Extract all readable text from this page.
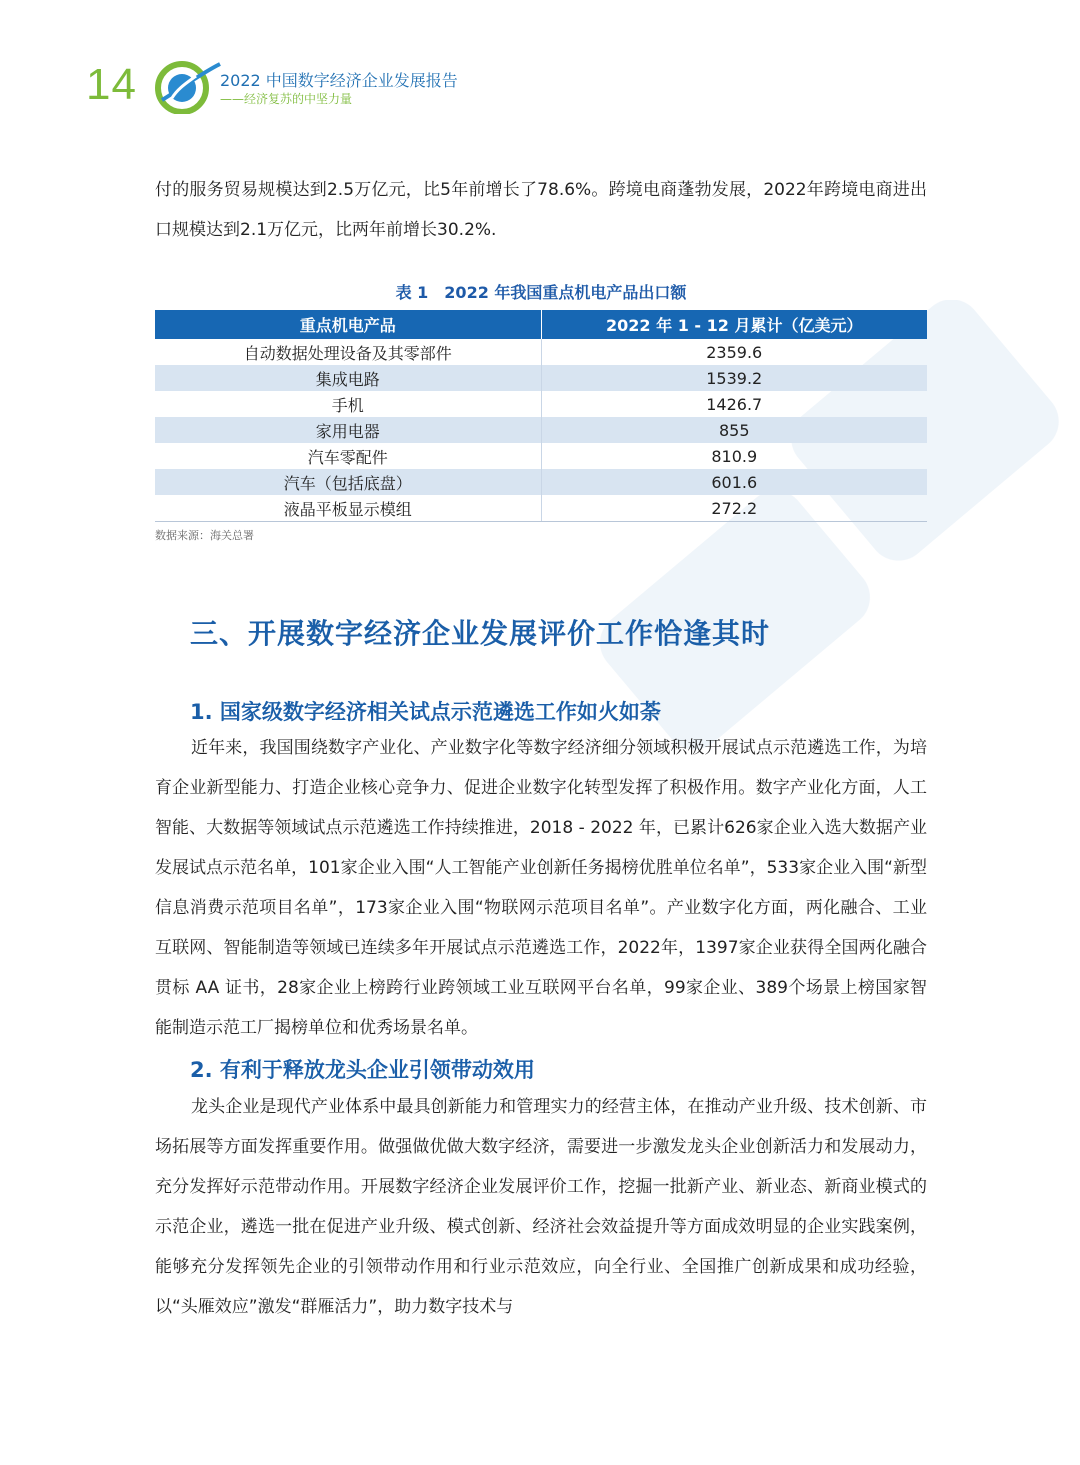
14	2022 中国数字经济企业发展报告
——经济复苏的中坚力量
付的服务贸易规模达到2.5万亿元，比5年前增长了78.6%。跨境电商蓬勃发展，2022年跨境电商进出口规模达到2.1万亿元，比两年前增长30.2%.
表 1　2022 年我国重点机电产品出口额
重点机电产品	2022 年 1 - 12 月累计（亿美元）
自动数据处理设备及其零部件	2359.6
集成电路	1539.2
手机	1426.7
家用电器	855
汽车零配件	810.9
汽车（包括底盘）	601.6
液晶平板显示模组	272.2
数据来源：海关总署
三、开展数字经济企业发展评价工作恰逢其时
1. 国家级数字经济相关试点示范遴选工作如火如荼
近年来，我国围绕数字产业化、产业数字化等数字经济细分领域积极开展试点示范遴选工作，为培育企业新型能力、打造企业核心竞争力、促进企业数字化转型发挥了积极作用。数字产业化方面，人工智能、大数据等领域试点示范遴选工作持续推进，2018 - 2022 年，已累计626家企业入选大数据产业发展试点示范名单，101家企业入围“人工智能产业创新任务揭榜优胜单位名单”，533家企业入围“新型信息消费示范项目名单”，173家企业入围“物联网示范项目名单”。产业数字化方面，两化融合、工业互联网、智能制造等领域已连续多年开展试点示范遴选工作，2022年，1397家企业获得全国两化融合贯标 AA 证书，28家企业上榜跨行业跨领域工业互联网平台名单，99家企业、389个场景上榜国家智能制造示范工厂揭榜单位和优秀场景名单。
2. 有利于释放龙头企业引领带动效用
龙头企业是现代产业体系中最具创新能力和管理实力的经营主体，在推动产业升级、技术创新、市场拓展等方面发挥重要作用。做强做优做大数字经济，需要进一步激发龙头企业创新活力和发展动力，充分发挥好示范带动作用。开展数字经济企业发展评价工作，挖掘一批新产业、新业态、新商业模式的示范企业，遴选一批在促进产业升级、模式创新、经济社会效益提升等方面成效明显的企业实践案例，能够充分发挥领先企业的引领带动作用和行业示范效应，向全行业、全国推广创新成果和成功经验，以“头雁效应”激发“群雁活力”，助力数字技术与
